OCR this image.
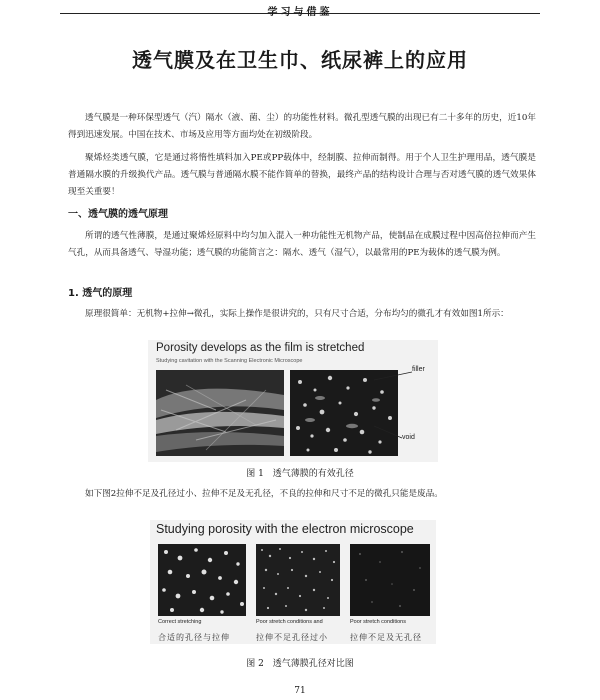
学习与借鉴
透气膜及在卫生巾、纸尿裤上的应用

透气膜是一种环保型透气（汽）隔水（液、菌、尘）的功能性材料。微孔型透气膜的出现已有二十多年的历史，近10年得到迅速发展。中国在技术、市场及应用等方面均处在初级阶段。

聚烯烃类透气膜，它是通过将惰性填料加入PE或PP载体中，经制膜、拉伸而制得。用于个人卫生护理用品，透气膜是普通隔水膜的升级换代产品。透气膜与普通隔水膜不能作简单的替换，最终产品的结构设计合理与否对透气膜的透气效果体现至关重要！

一、透气膜的透气原理

所谓的透气性薄膜，是通过聚烯烃原料中均匀加入混入一种功能性无机物产品，使制品在成膜过程中因高倍拉伸而产生气孔，从而具备透气、导湿功能；透气膜的功能简言之：隔水、透气（湿气），以最常用的PE为载体的透气膜为例。

1. 透气的原理

原理很简单：无机物+拉伸→微孔，实际上操作是很讲究的，只有尺寸合适，分布均匀的微孔才有效如图1所示：

Porosity develops as the film is stretched
Studying cavitation with the Scanning Electronic Microscope
filler
void
图 1　透气薄膜的有效孔径

如下图2拉伸不足及孔径过小、拉伸不足及无孔径，不良的拉伸和尺寸不足的微孔只能是废品。

Studying porosity with the electron microscope
Correct stretching	Poor stretch conditions and	Poor stretch conditions
合适的孔径与拉伸	拉伸不足孔径过小	拉伸不足及无孔径
图 2　透气薄膜孔径对比图
71
